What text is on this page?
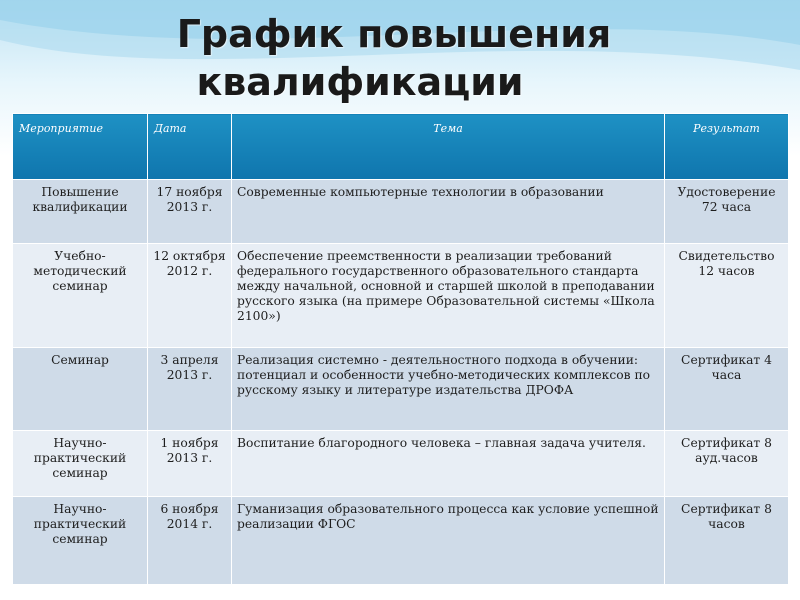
График повышения
квалификации
Мероприятие	Дата	Тема	Результат
Повышение квалификации	17 ноября 2013 г.	Современные компьютерные технологии в образовании	Удостоверение 72 часа
Учебно-методический семинар	12 октября 2012 г.	Обеспечение преемственности в реализации требований федерального государственного образовательного стандарта между начальной, основной и старшей школой в преподавании русского языка (на примере Образовательной системы «Школа 2100»)	Свидетельство 12 часов
Семинар	3 апреля 2013 г.	Реализация системно - деятельностного подхода в обучении: потенциал и особенности учебно-методических комплексов по русскому языку и литературе издательства ДРОФА	Сертификат 4 часа
Научно-практический семинар	1 ноября 2013 г.	Воспитание благородного человека – главная задача учителя.	Сертификат 8 ауд.часов
Научно-практический семинар	6 ноября 2014 г.	Гуманизация образовательного процесса как условие успешной реализации ФГОС	Сертификат 8 часов
